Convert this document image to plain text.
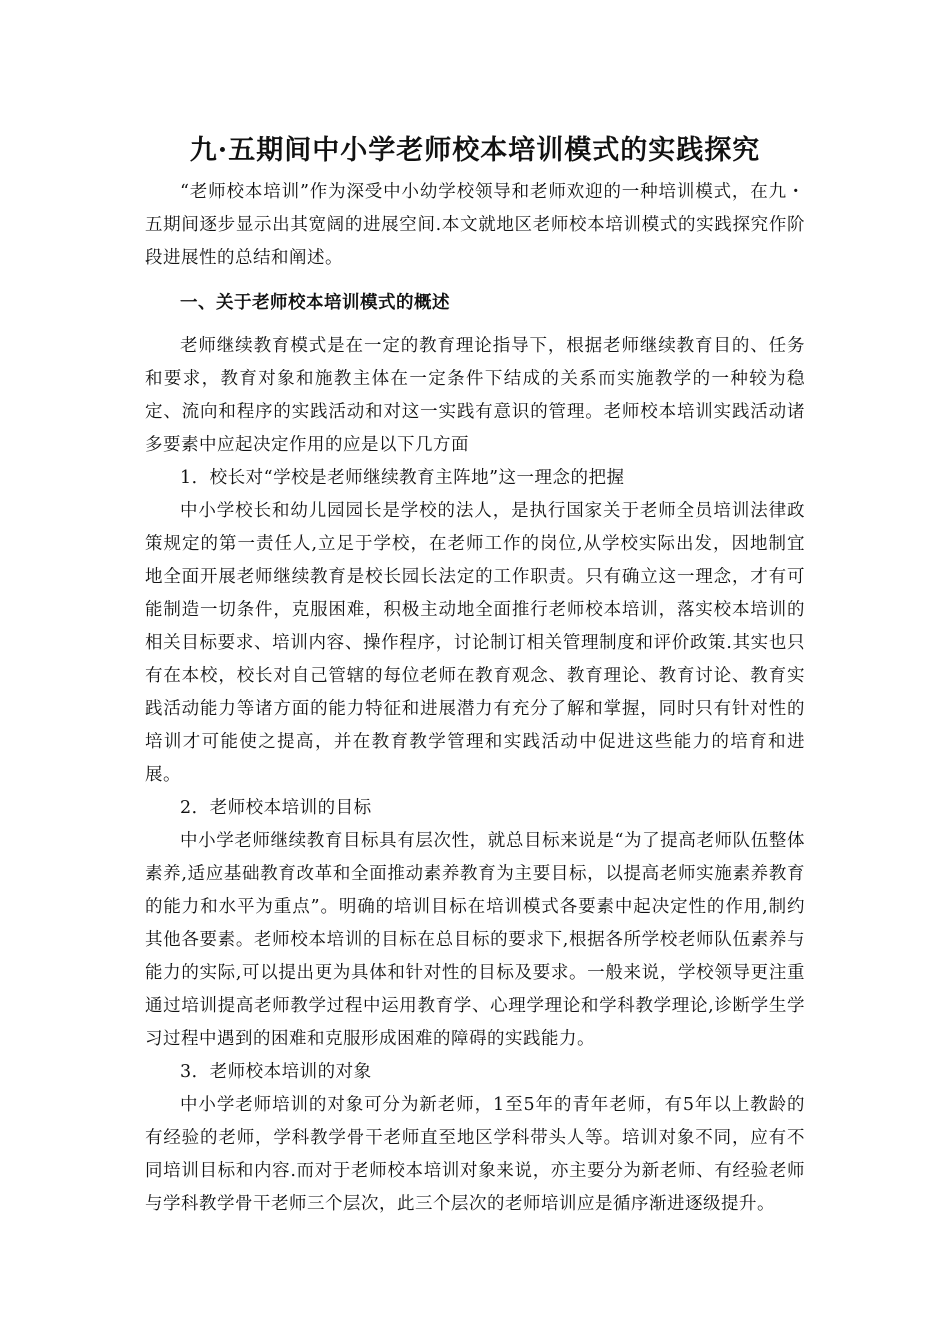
九·五期间中小学老师校本培训模式的实践探究

“老师校本培训”作为深受中小幼学校领导和老师欢迎的一种培训模式，在九・五期间逐步显示出其宽阔的进展空间.本文就地区老师校本培训模式的实践探究作阶段进展性的总结和阐述。

一、关于老师校本培训模式的概述

老师继续教育模式是在一定的教育理论指导下，根据老师继续教育目的、任务和要求，教育对象和施教主体在一定条件下结成的关系而实施教学的一种较为稳定、流向和程序的实践活动和对这一实践有意识的管理。老师校本培训实践活动诸多要素中应起决定作用的应是以下几方面

1．校长对“学校是老师继续教育主阵地”这一理念的把握

中小学校长和幼儿园园长是学校的法人，是执行国家关于老师全员培训法律政策规定的第一责任人,立足于学校，在老师工作的岗位,从学校实际出发，因地制宜地全面开展老师继续教育是校长园长法定的工作职责。只有确立这一理念，才有可能制造一切条件，克服困难，积极主动地全面推行老师校本培训，落实校本培训的相关目标要求、培训内容、操作程序，讨论制订相关管理制度和评价政策.其实也只有在本校，校长对自己管辖的每位老师在教育观念、教育理论、教育讨论、教育实践活动能力等诸方面的能力特征和进展潜力有充分了解和掌握，同时只有针对性的培训才可能使之提高，并在教育教学管理和实践活动中促进这些能力的培育和进展。

2．老师校本培训的目标

中小学老师继续教育目标具有层次性，就总目标来说是“为了提高老师队伍整体素养,适应基础教育改革和全面推动素养教育为主要目标，以提高老师实施素养教育的能力和水平为重点”。明确的培训目标在培训模式各要素中起决定性的作用,制约其他各要素。老师校本培训的目标在总目标的要求下,根据各所学校老师队伍素养与能力的实际,可以提出更为具体和针对性的目标及要求。一般来说，学校领导更注重通过培训提高老师教学过程中运用教育学、心理学理论和学科教学理论,诊断学生学习过程中遇到的困难和克服形成困难的障碍的实践能力。

3．老师校本培训的对象

中小学老师培训的对象可分为新老师，1至5年的青年老师，有5年以上教龄的有经验的老师，学科教学骨干老师直至地区学科带头人等。培训对象不同，应有不同培训目标和内容.而对于老师校本培训对象来说，亦主要分为新老师、有经验老师与学科教学骨干老师三个层次，此三个层次的老师培训应是循序渐进逐级提升。
